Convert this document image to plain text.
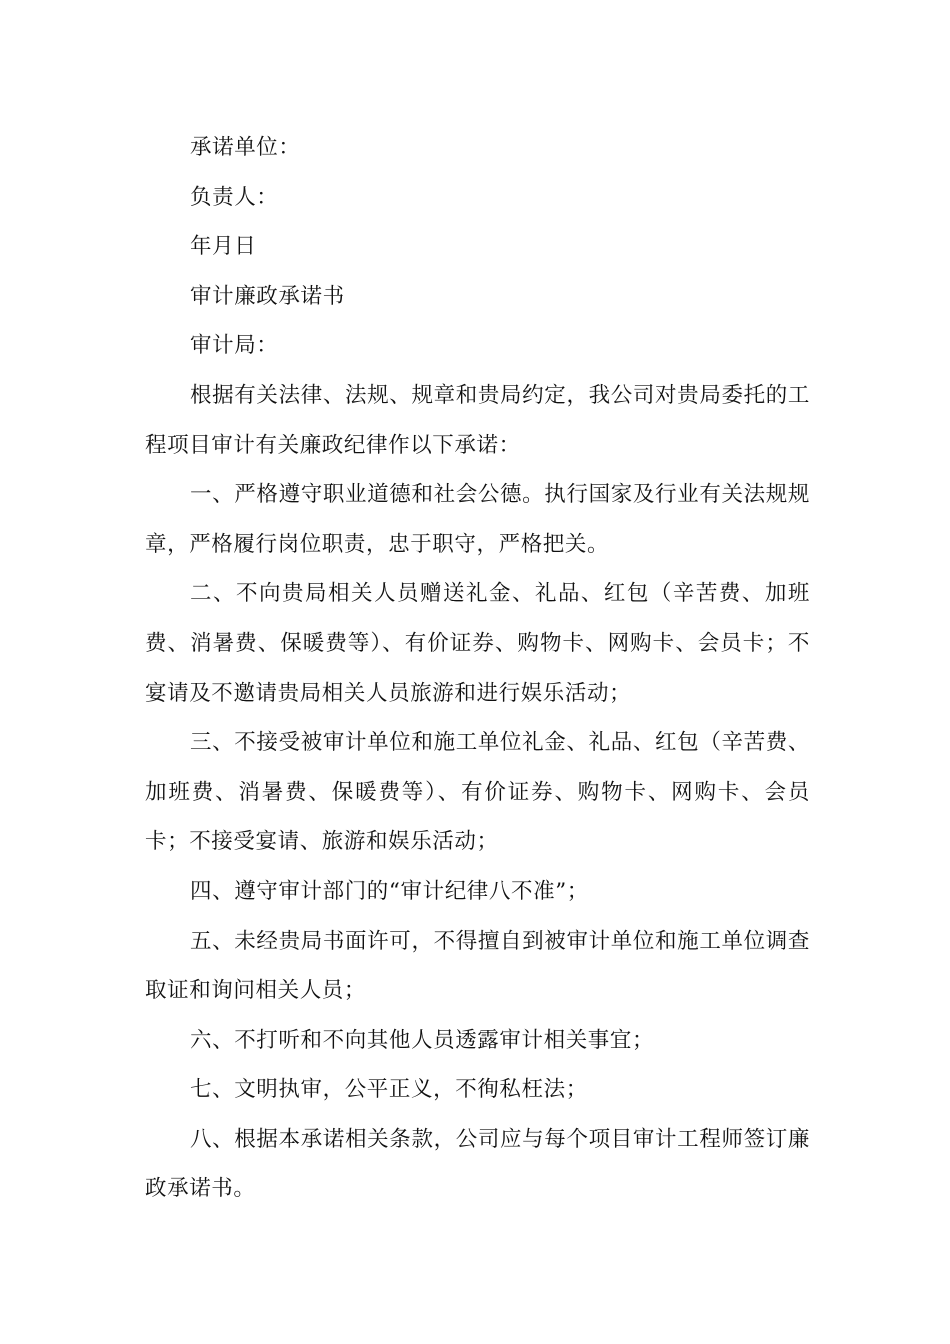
承诺单位：

负责人：

年月日

审计廉政承诺书

审计局：

根据有关法律、法规、规章和贵局约定，我公司对贵局委托的工程项目审计有关廉政纪律作以下承诺：

一、严格遵守职业道德和社会公德。执行国家及行业有关法规规章，严格履行岗位职责，忠于职守，严格把关。

二、不向贵局相关人员赠送礼金、礼品、红包（辛苦费、加班费、消暑费、保暖费等）、有价证券、购物卡、网购卡、会员卡；不宴请及不邀请贵局相关人员旅游和进行娱乐活动；

三、不接受被审计单位和施工单位礼金、礼品、红包（辛苦费、加班费、消暑费、保暖费等）、有价证券、购物卡、网购卡、会员卡；不接受宴请、旅游和娱乐活动；

四、遵守审计部门的“审计纪律八不准”；

五、未经贵局书面许可，不得擅自到被审计单位和施工单位调查取证和询问相关人员；

六、不打听和不向其他人员透露审计相关事宜；

七、文明执审，公平正义，不徇私枉法；

八、根据本承诺相关条款，公司应与每个项目审计工程师签订廉政承诺书。
